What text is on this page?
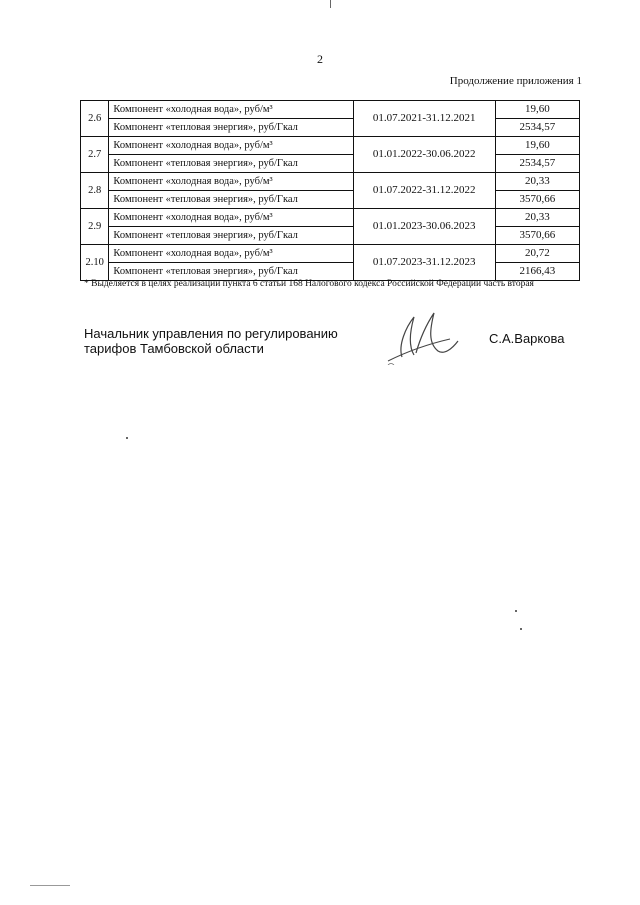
2
Продолжение приложения 1
2.6	Компонент «холодная вода», руб/м³	01.07.2021-31.12.2021	19,60
	Компонент «тепловая энергия», руб/Гкал		2534,57
2.7	Компонент «холодная вода», руб/м³	01.01.2022-30.06.2022	19,60
	Компонент «тепловая энергия», руб/Гкал		2534,57
2.8	Компонент «холодная вода», руб/м³	01.07.2022-31.12.2022	20,33
	Компонент «тепловая энергия», руб/Гкал		3570,66
2.9	Компонент «холодная вода», руб/м³	01.01.2023-30.06.2023	20,33
	Компонент «тепловая энергия», руб/Гкал		3570,66
2.10	Компонент «холодная вода», руб/м³	01.07.2023-31.12.2023	20,72
	Компонент «тепловая энергия», руб/Гкал		2166,43
* Выделяется в целях реализации пункта 6 статьи 168 Налогового кодекса Российской Федерации часть вторая
Начальник управления по регулированию
тарифов Тамбовской области
С.А.Варкова
